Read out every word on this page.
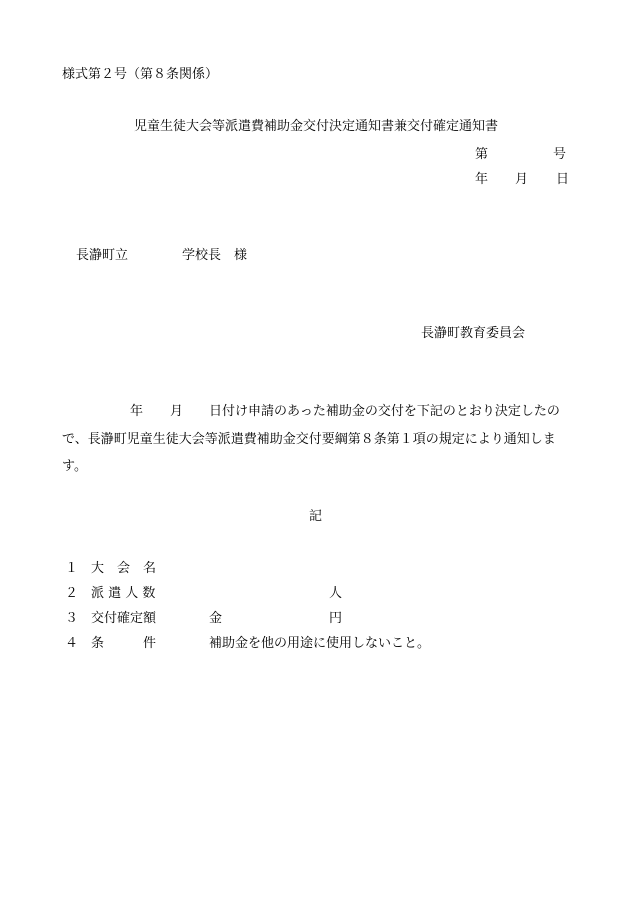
様式第２号（第８条関係）
児童生徒大会等派遣費補助金交付決定通知書兼交付確定通知書
第	号
年 月 日
長瀞町立	学校長　様
長瀞町教育委員会
年 月 日付け申請のあった補助金の交付を下記のとおり決定したの
で、長瀞町児童生徒大会等派遣費補助金交付要綱第８条第１項の規定により通知しま
す。
記
１ 大　会　名
２ 派 遣 人 数	人
３ 交付確定額	金	円
４ 条　　　件	補助金を他の用途に使用しないこと。
